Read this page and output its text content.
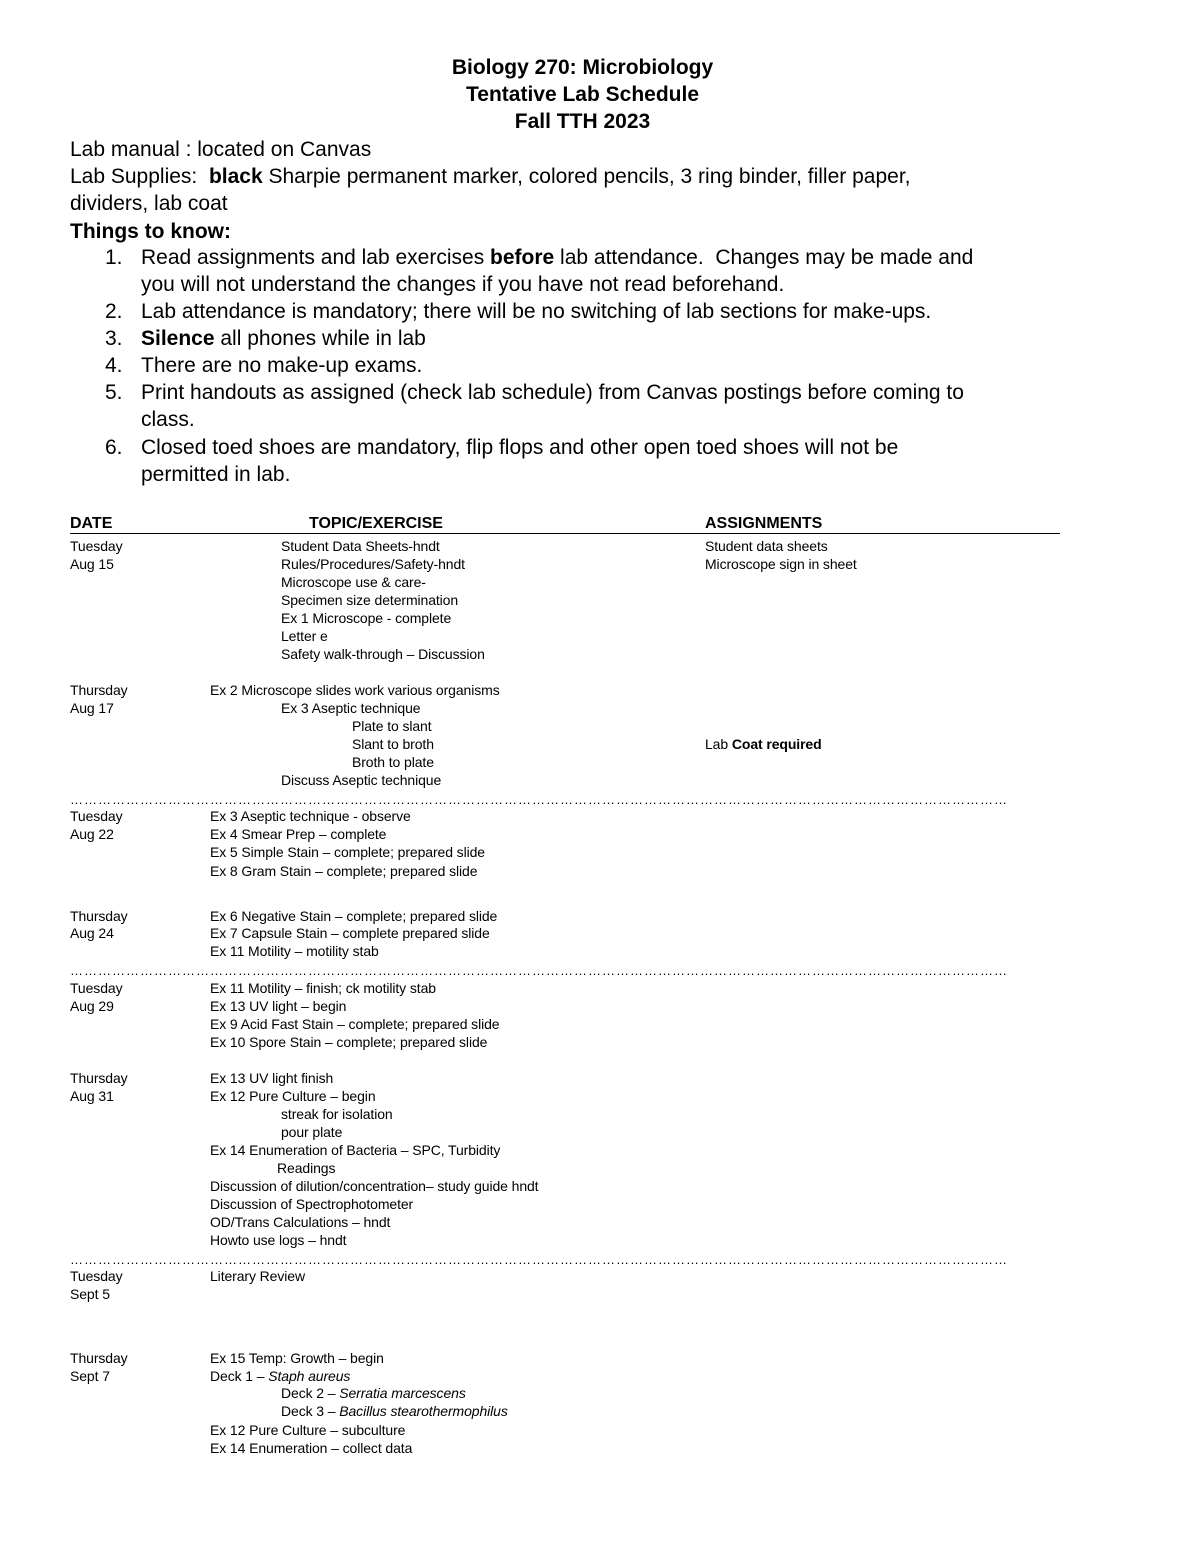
Biology 270: Microbiology
Tentative Lab Schedule
Fall TTH 2023
Lab manual : located on Canvas
Lab Supplies:  black Sharpie permanent marker, colored pencils, 3 ring binder, filler paper,
dividers, lab coat
Things to know:
1. Read assignments and lab exercises before lab attendance.  Changes may be made and
you will not understand the changes if you have not read beforehand.
2. Lab attendance is mandatory; there will be no switching of lab sections for make-ups.
3. Silence all phones while in lab
4. There are no make-up exams.
5. Print handouts as assigned (check lab schedule) from Canvas postings before coming to
class.
6. Closed toed shoes are mandatory, flip flops and other open toed shoes will not be
permitted in lab.
DATE	TOPIC/EXERCISE	ASSIGNMENTS
Tuesday
Aug 15
Student Data Sheets-hndt
Rules/Procedures/Safety-hndt
Microscope use & care-
Specimen size determination
Ex 1 Microscope - complete
Letter e
Safety walk-through – Discussion
Student data sheets
Microscope sign in sheet
Thursday
Aug 17
Ex 2 Microscope slides work various organisms
Ex 3 Aseptic technique
Plate to slant
Slant to broth
Broth to plate
Discuss Aseptic technique
Lab Coat required
…………………………………………………………………………………………………………………………………………………………………………………
Tuesday
Aug 22
Ex 3 Aseptic technique - observe
Ex 4 Smear Prep – complete
Ex 5 Simple Stain – complete; prepared slide
Ex 8 Gram Stain – complete; prepared slide
Thursday
Aug 24
Ex 6 Negative Stain – complete; prepared slide
Ex 7 Capsule Stain – complete prepared slide
Ex 11 Motility – motility stab
…………………………………………………………………………………………………………………………………………………………………………………
Tuesday
Aug 29
Ex 11 Motility – finish; ck motility stab
Ex 13 UV light – begin
Ex 9 Acid Fast Stain – complete; prepared slide
Ex 10 Spore Stain – complete; prepared slide
Thursday
Aug 31
Ex 13 UV light finish
Ex 12 Pure Culture – begin
streak for isolation
pour plate
Ex 14 Enumeration of Bacteria – SPC, Turbidity
Readings
Discussion of dilution/concentration– study guide hndt
Discussion of Spectrophotometer
OD/Trans Calculations – hndt
Howto use logs – hndt
…………………………………………………………………………………………………………………………………………………………………………………
Tuesday
Sept 5
Literary Review
Thursday
Sept 7
Ex 15 Temp: Growth – begin
Deck 1 – Staph aureus
Deck 2 – Serratia marcescens
Deck 3 – Bacillus stearothermophilus
Ex 12 Pure Culture – subculture
Ex 14 Enumeration – collect data
